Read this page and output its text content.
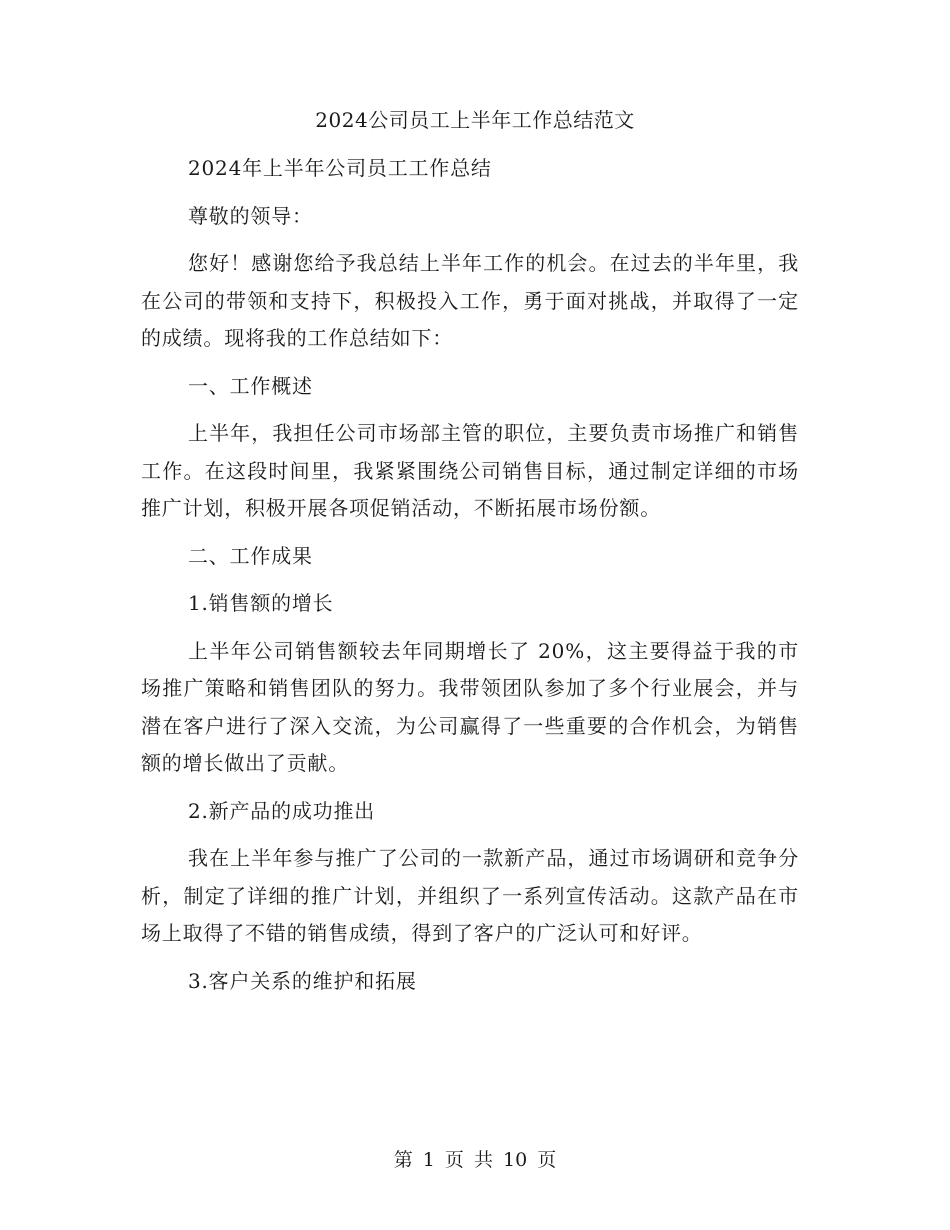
2024公司员工上半年工作总结范文

2024年上半年公司员工工作总结

尊敬的领导：

您好！感谢您给予我总结上半年工作的机会。在过去的半年里，我在公司的带领和支持下，积极投入工作，勇于面对挑战，并取得了一定的成绩。现将我的工作总结如下：

一、工作概述

上半年，我担任公司市场部主管的职位，主要负责市场推广和销售工作。在这段时间里，我紧紧围绕公司销售目标，通过制定详细的市场推广计划，积极开展各项促销活动，不断拓展市场份额。

二、工作成果

1.销售额的增长

上半年公司销售额较去年同期增长了 20%，这主要得益于我的市场推广策略和销售团队的努力。我带领团队参加了多个行业展会，并与潜在客户进行了深入交流，为公司赢得了一些重要的合作机会，为销售额的增长做出了贡献。

2.新产品的成功推出

我在上半年参与推广了公司的一款新产品，通过市场调研和竞争分析，制定了详细的推广计划，并组织了一系列宣传活动。这款产品在市场上取得了不错的销售成绩，得到了客户的广泛认可和好评。

3.客户关系的维护和拓展

第 1 页 共 10 页
